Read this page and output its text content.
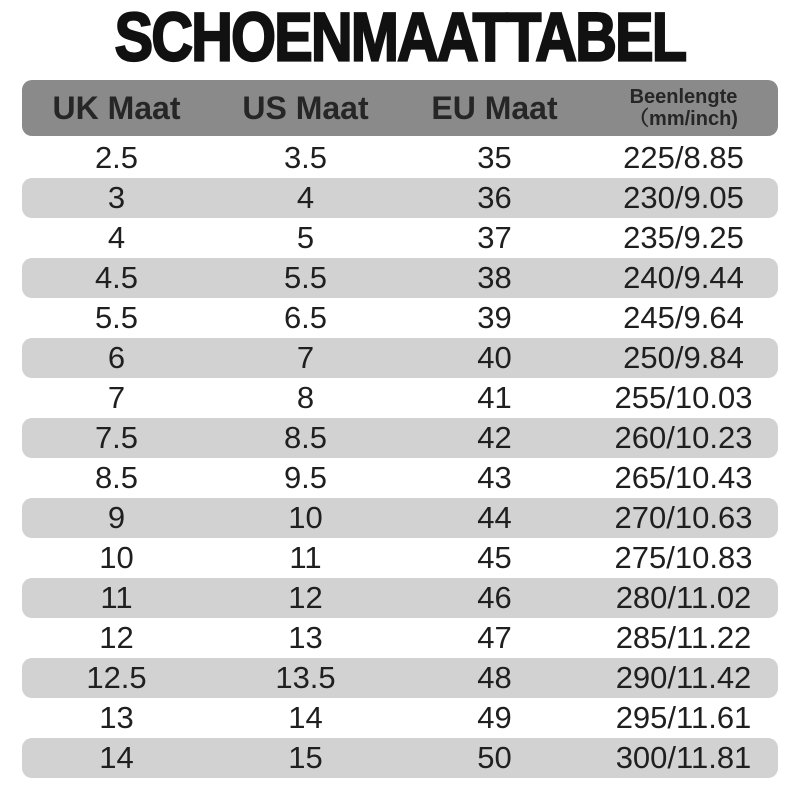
SCHOENMAATTABEL
UK Maat	US Maat	EU Maat	Beenlengte
（mm/inch)
2.5	3.5	35	225/8.85
3	4	36	230/9.05
4	5	37	235/9.25
4.5	5.5	38	240/9.44
5.5	6.5	39	245/9.64
6	7	40	250/9.84
7	8	41	255/10.03
7.5	8.5	42	260/10.23
8.5	9.5	43	265/10.43
9	10	44	270/10.63
10	11	45	275/10.83
11	12	46	280/11.02
12	13	47	285/11.22
12.5	13.5	48	290/11.42
13	14	49	295/11.61
14	15	50	300/11.81
